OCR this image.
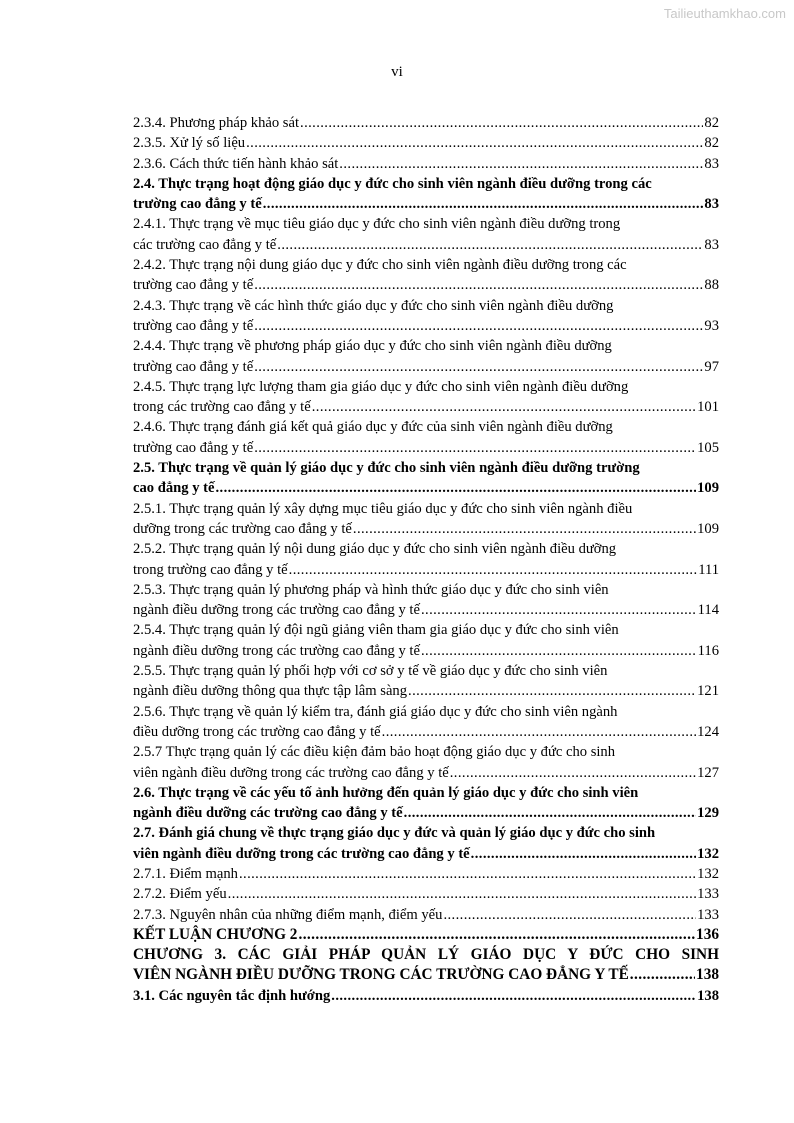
Tailieuthamkhao.com
vi
2.3.4. Phương pháp khảo sát .....	82
2.3.5. Xử lý số liệu .....	82
2.3.6. Cách thức tiến hành khảo sát .....	83
2.4. Thực trạng hoạt động giáo dục y đức cho sinh viên ngành điều dưỡng trong các
trường cao đẳng y tế .....	83
2.4.1. Thực trạng về mục tiêu giáo dục y đức cho sinh viên ngành điều dưỡng trong
các trường cao đẳng y tế .....	83
2.4.2. Thực trạng nội dung giáo dục y đức cho sinh viên ngành điều dưỡng trong các
trường cao đẳng y tế .....	88
2.4.3. Thực trạng về các hình thức giáo dục y đức cho sinh viên ngành điều dưỡng
trường cao đẳng y tế .....	93
2.4.4. Thực trạng về phương pháp giáo dục y đức cho sinh viên ngành điều dưỡng
trường cao đẳng y tế .....	97
2.4.5. Thực trạng lực lượng tham gia giáo dục y đức cho sinh viên ngành điều dưỡng
trong các trường cao đẳng y tế .....	101
2.4.6. Thực trạng đánh giá kết quả giáo dục y đức của sinh viên ngành điều dưỡng
trường cao đẳng y tế .....	105
2.5. Thực trạng về quản lý giáo dục y đức cho sinh viên ngành điều dưỡng trường
cao đẳng y tế .....	109
2.5.1. Thực trạng quản lý xây dựng mục tiêu giáo dục y đức cho sinh viên ngành điều
dưỡng trong các trường cao đẳng y tế .....	109
2.5.2. Thực trạng quản lý nội dung giáo dục y đức cho sinh viên ngành điều dưỡng
trong trường cao đẳng y tế .....	111
2.5.3. Thực trạng quản lý phương pháp và hình thức giáo dục y đức cho sinh viên
ngành điều dưỡng trong các trường cao đẳng y tế .....	114
2.5.4. Thực trạng quản lý đội ngũ giảng viên tham gia giáo dục y đức cho sinh viên
ngành điều dưỡng trong các trường cao đẳng y tế .....	116
2.5.5. Thực trạng quản lý phối hợp với cơ sở y tế về giáo dục y đức cho sinh viên
ngành điều dưỡng thông qua thực tập lâm sàng .....	121
2.5.6. Thực trạng về quản lý kiểm tra, đánh giá giáo dục y đức cho sinh viên ngành
điều dưỡng trong các trường cao đẳng y tế .....	124
2.5.7 Thực trạng quản lý các điều kiện đảm bảo hoạt động giáo dục y đức cho sinh
viên ngành điều dưỡng trong các trường cao đẳng y tế .....	127
2.6. Thực trạng về các yếu tố ảnh hưởng đến quản lý giáo dục y đức cho sinh viên
ngành điều dưỡng các trường cao đẳng y tế .....	129
2.7. Đánh giá chung về thực trạng giáo dục y đức và quản lý giáo dục y đức cho sinh
viên ngành điều dưỡng trong các trường cao đẳng y tế .....	132
2.7.1. Điểm mạnh .....	132
2.7.2. Điểm yếu .....	133
2.7.3. Nguyên nhân của những điểm mạnh, điểm yếu .....	133
KẾT LUẬN CHƯƠNG 2 .....	136
CHƯƠNG 3. CÁC GIẢI PHÁP QUẢN LÝ GIÁO DỤC Y ĐỨC CHO SINH
VIÊN NGÀNH ĐIỀU DƯỠNG TRONG CÁC TRƯỜNG CAO ĐẲNG Y TẾ .....	138
3.1. Các nguyên tắc định hướng .....	138
